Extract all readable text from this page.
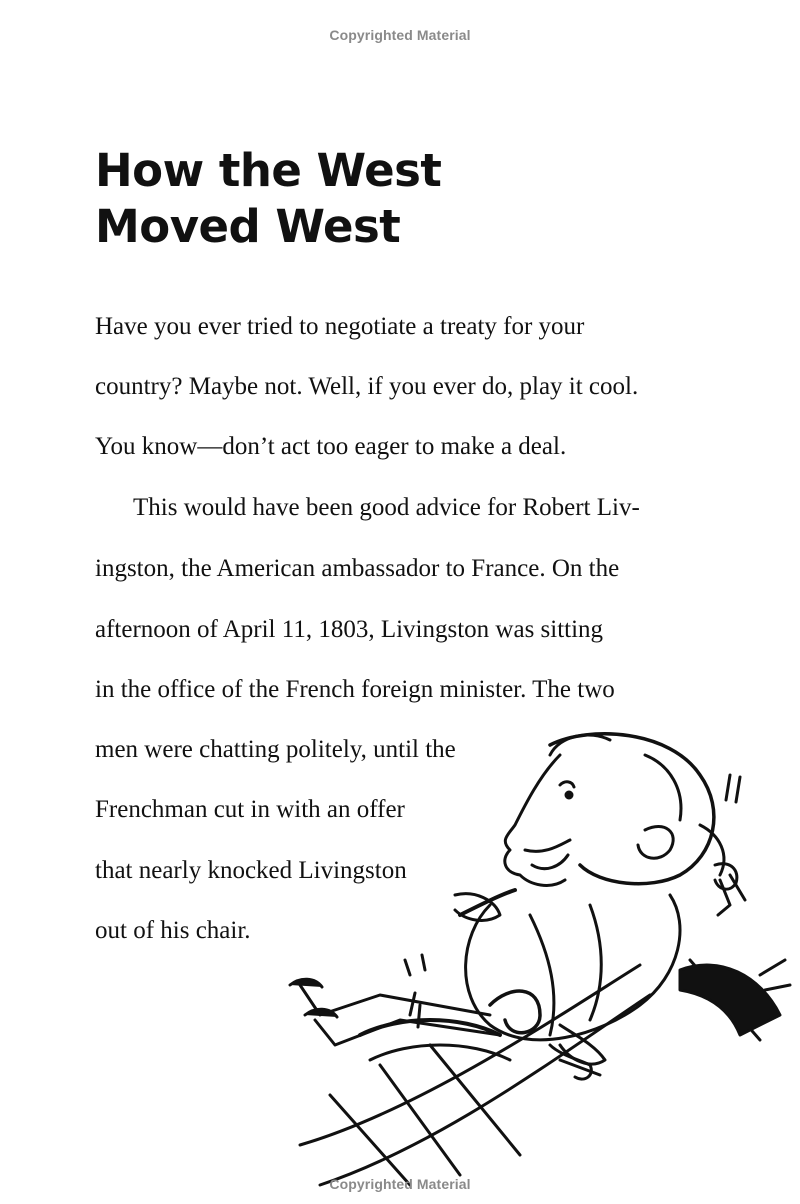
Copyrighted Material
How the West
Moved West
Have you ever tried to negotiate a treaty for your
country? Maybe not. Well, if you ever do, play it cool.
You know—don’t act too eager to make a deal.
This would have been good advice for Robert Liv-
ingston, the American ambassador to France. On the
afternoon of April 11, 1803, Livingston was sitting
in the office of the French foreign minister. The two
men were chatting politely, until the
Frenchman cut in with an offer
that nearly knocked Livingston
out of his chair.
Copyrighted Material
